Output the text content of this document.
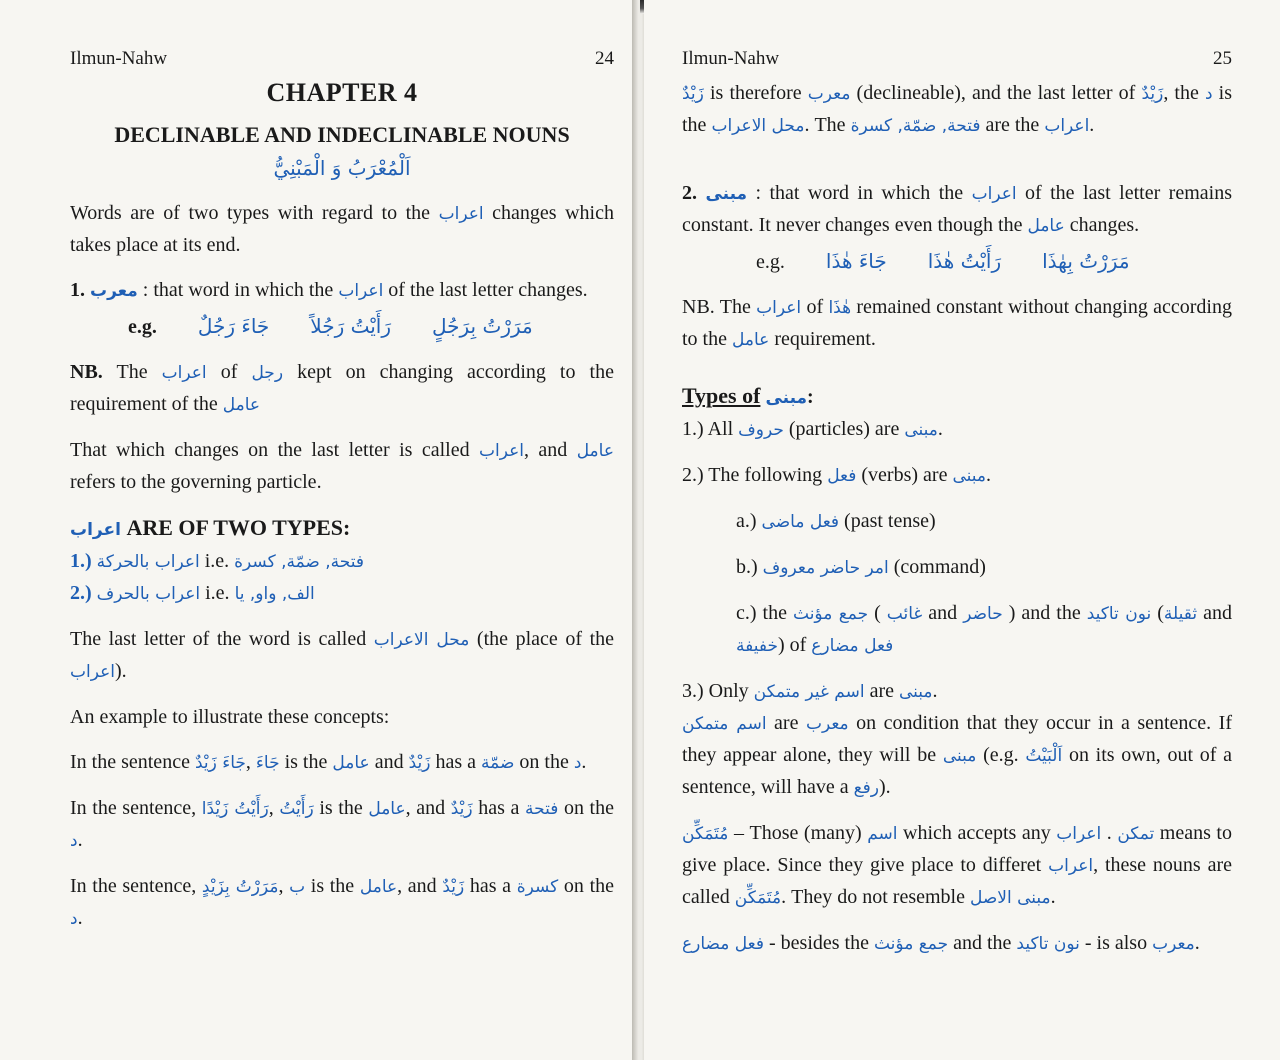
Ilmun-Nahw	24
CHAPTER 4
DECLINABLE AND INDECLINABLE NOUNS
اَلْمُعْرَبُ وَ الْمَبْنِيُّ

Words are of two types with regard to the اعراب changes which takes place at its end.

1. معرب : that word in which the اعراب of the last letter changes.

e.g. جَاءَ رَجُلٌ رَأَيْتُ رَجُلاً مَرَرْتُ بِرَجُلٍ

NB. The اعراب of رجل kept on changing according to the requirement of the عامل

That which changes on the last letter is called اعراب, and عامل refers to the governing particle.

اعراب ARE OF TWO TYPES:
1.) اعراب بالحركة i.e. فتحة, ضمّة, كسرة
2.) اعراب بالحرف i.e. الف, واو, يا

The last letter of the word is called محل الاعراب (the place of the اعراب).

An example to illustrate these concepts:

In the sentence جَاءَ زَيْدٌ, جَاءَ is the عامل and زَيْدٌ has a ضمّة on the د.

In the sentence, رَأَيْتُ زَيْدًا, رَأَيْتُ is the عامل, and زَيْدٌ has a فتحة on the د.

In the sentence, مَرَرْتُ بِزَيْدٍ, ب is the عامل, and زَيْدٌ has a كسرة on the د.

Ilmun-Nahw	25

زَيْدٌ is therefore معرب (declineable), and the last letter of زَيْدٌ, the د is the محل الاعراب. The فتحة, ضمّة, كسرة are the اعراب.

2. مبنى : that word in which the اعراب of the last letter remains constant. It never changes even though the عامل changes.

e.g. جَاءَ هٰذَا رَأَيْتُ هٰذَا مَرَرْتُ بِهٰذَا

NB. The اعراب of هٰذَا remained constant without changing according to the عامل requirement.

Types of مبنى:
1.) All حروف (particles) are مبنى.
2.) The following فعل (verbs) are مبنى.
a.) فعل ماضى (past tense)
b.) امر حاضر معروف (command)

c.) the جمع مؤنث ( غائب and حاضر ) and the نون تاكيد (ثقيلة and خفيفة) of فعل مضارع

3.) Only اسم غير متمكن are مبنى.

اسم متمكن are معرب on condition that they occur in a sentence. If they appear alone, they will be مبنى (e.g. اَلْبَيْتُ on its own, out of a sentence, will have a رفع).

مُتَمَكِّن – Those (many) اسم which accepts any اعراب . تمكن means to give place. Since they give place to differet اعراب, these nouns are called مُتَمَكِّن. They do not resemble مبنى الاصل.

فعل مضارع - besides the جمع مؤنث and the نون تاكيد - is also معرب.
